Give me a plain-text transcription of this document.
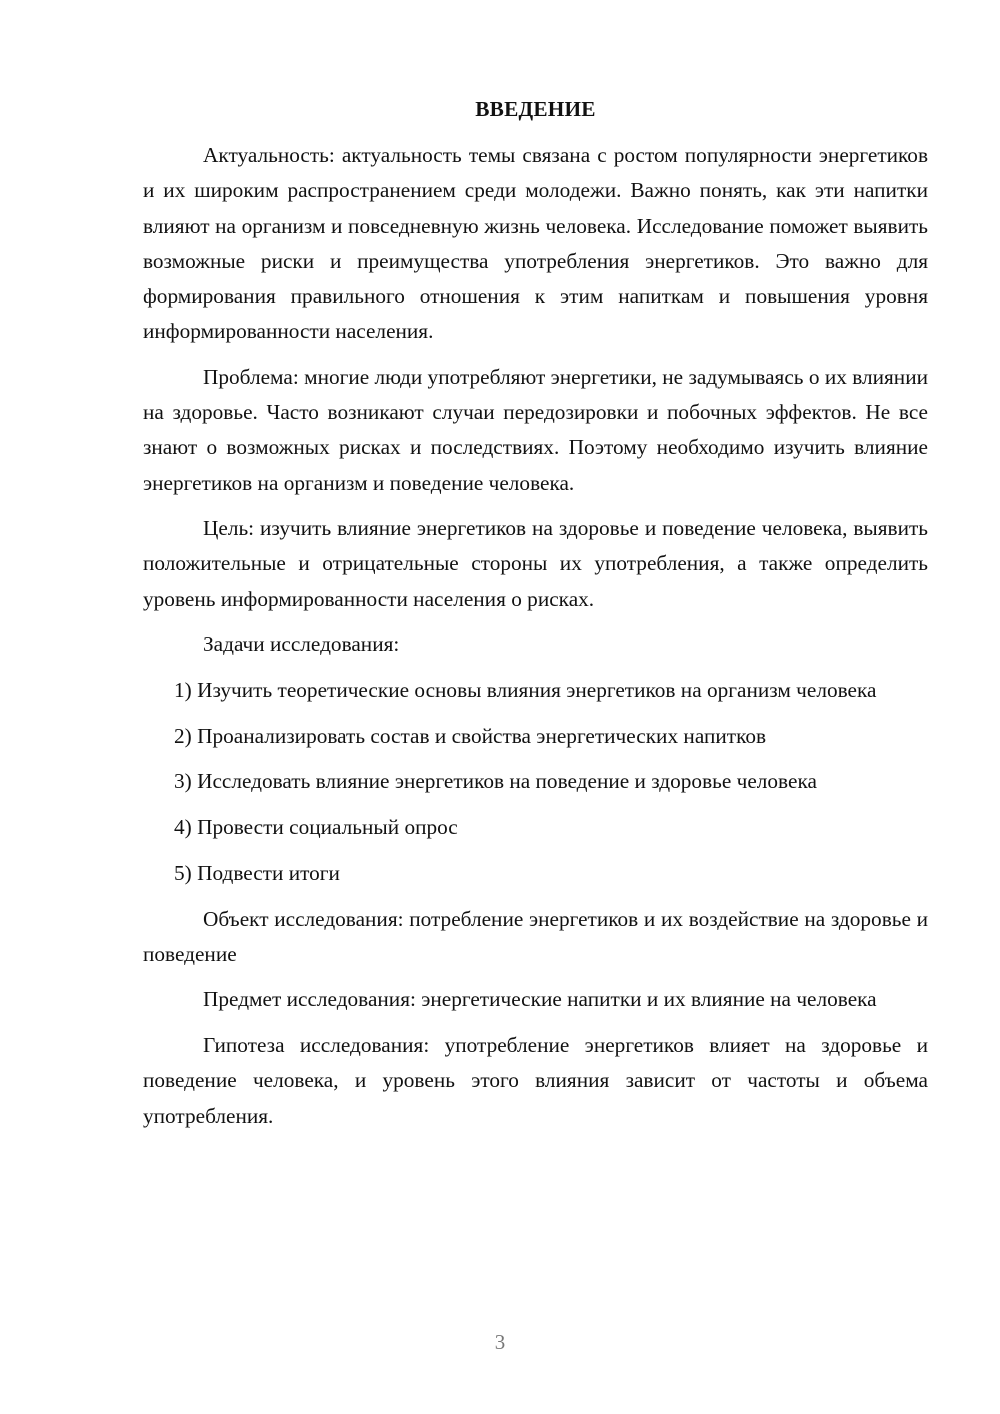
ВВЕДЕНИЕ

Актуальность: актуальность темы связана с ростом популярности энергетиков и их широким распространением среди молодежи. Важно понять, как эти напитки влияют на организм и повседневную жизнь человека. Исследование поможет выявить возможные риски и преимущества употребления энергетиков. Это важно для формирования правильного отношения к этим напиткам и повышения уровня информированности населения.

Проблема: многие люди употребляют энергетики, не задумываясь о их влиянии на здоровье. Часто возникают случаи передозировки и побочных эффектов. Не все знают о возможных рисках и последствиях. Поэтому необходимо изучить влияние энергетиков на организм и поведение человека.

Цель: изучить влияние энергетиков на здоровье и поведение человека, выявить положительные и отрицательные стороны их употребления, а также определить уровень информированности населения о рисках.

Задачи исследования:

1) Изучить теоретические основы влияния энергетиков на организм человека

2) Проанализировать состав и свойства энергетических напитков

3) Исследовать влияние энергетиков на поведение и здоровье человека

4) Провести социальный опрос

5) Подвести итоги

Объект исследования: потребление энергетиков и их воздействие на здоровье и поведение

Предмет исследования: энергетические напитки и их влияние на человека

Гипотеза исследования: употребление энергетиков влияет на здоровье и поведение человека, и уровень этого влияния зависит от частоты и объема употребления.

3
